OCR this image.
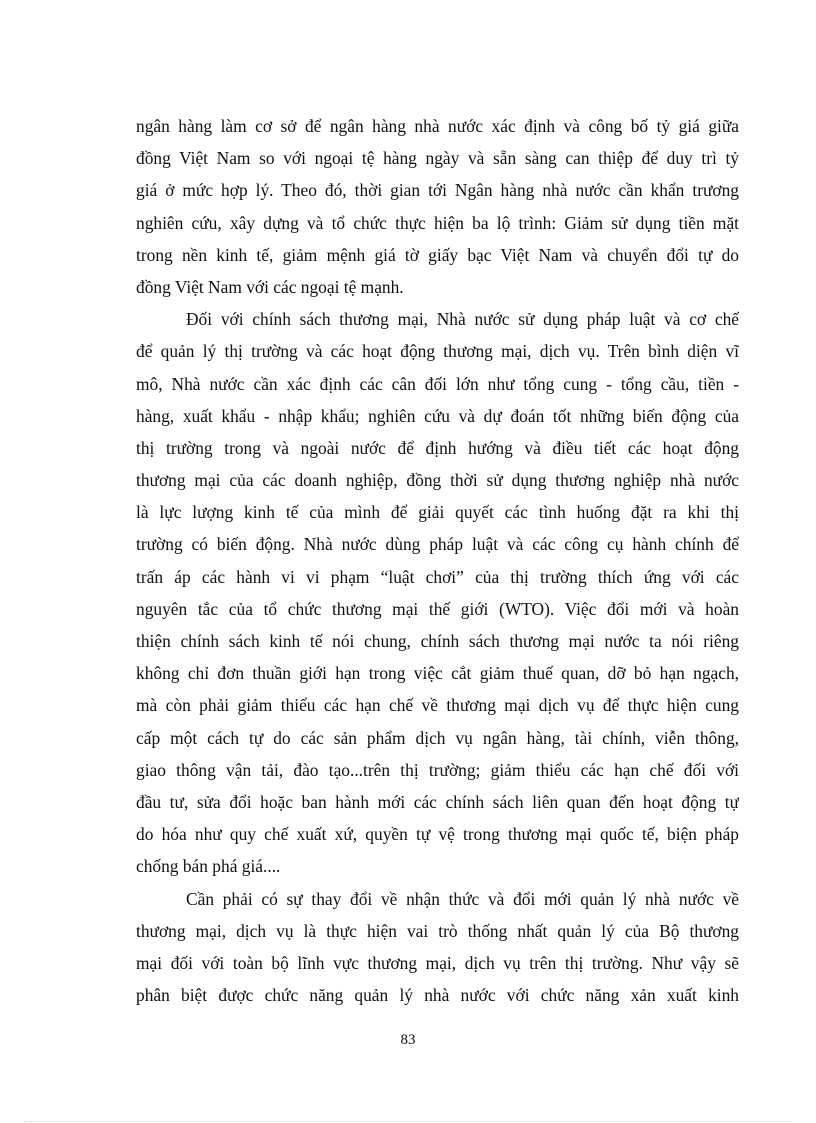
ngân hàng làm cơ sở để ngân hàng nhà nước xác định và công bố tỷ giá giữa
đồng Việt Nam so với ngoại tệ hàng ngày và sẵn sàng can thiệp để duy trì tỷ
giá ở mức hợp lý. Theo đó, thời gian tới Ngân hàng nhà nước cần khẩn trương
nghiên cứu, xây dựng và tổ chức thực hiện ba lộ trình: Giảm sử dụng tiền mặt
trong nền kinh tế, giảm mệnh giá tờ giấy bạc Việt Nam và chuyển đổi tự do
đồng Việt Nam với các ngoại tệ mạnh.
Đối với chính sách thương mại, Nhà nước sử dụng pháp luật và cơ chế
để quản lý thị trường và các hoạt động thương mại, dịch vụ. Trên bình diện vĩ
mô, Nhà nước cần xác định các cân đối lớn như tổng cung - tổng cầu, tiền -
hàng, xuất khẩu - nhập khẩu; nghiên cứu và dự đoán tốt những biến động của
thị trường trong và ngoài nước để định hướng và điều tiết các hoạt động
thương mại của các doanh nghiệp, đồng thời sử dụng thương nghiệp nhà nước
là lực lượng kinh tế của mình để giải quyết các tình huống đặt ra khi thị
trường có biến động. Nhà nước dùng pháp luật và các công cụ hành chính để
trấn áp các hành vi vi phạm “luật chơi” của thị trường thích ứng với các
nguyên tắc của tổ chức thương mại thế giới (WTO). Việc đổi mới và hoàn
thiện chính sách kinh tế nói chung, chính sách thương mại nước ta nói riêng
không chỉ đơn thuần giới hạn trong việc cắt giảm thuế quan, dỡ bỏ hạn ngạch,
mà còn phải giảm thiểu các hạn chế về thương mại dịch vụ để thực hiện cung
cấp một cách tự do các sản phẩm dịch vụ ngân hàng, tài chính, viễn thông,
giao thông vận tải, đào tạo...trên thị trường; giảm thiểu các hạn chế đối với
đầu tư, sửa đổi hoặc ban hành mới các chính sách liên quan đến hoạt động tự
do hóa như quy chế xuất xứ, quyền tự vệ trong thương mại quốc tế, biện pháp
chống bán phá giá....
Cần phải có sự thay đổi về nhận thức và đổi mới quản lý nhà nước về
thương mại, dịch vụ là thực hiện vai trò thống nhất quản lý của Bộ thương
mại đối với toàn bộ lĩnh vực thương mại, dịch vụ trên thị trường. Như vậy sẽ
phân biệt được chức năng quản lý nhà nước với chức năng xản xuất kinh
83
